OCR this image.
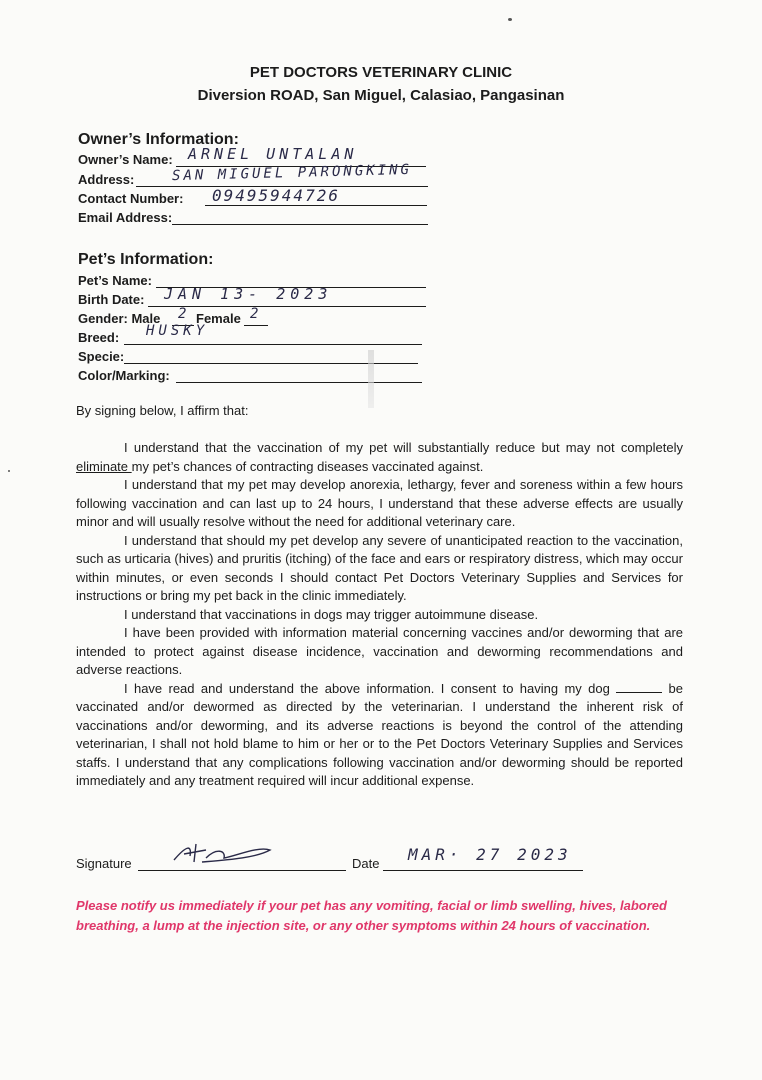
PET DOCTORS VETERINARY CLINIC
Diversion ROAD, San Miguel, Calasiao, Pangasinan
Owner’s Information:
Owner’s Name: ARNEL UNTALAN
Address:	SAN MIGUEL PARONGKING
Contact Number: 09495944726
Email Address:
Pet’s Information:
Pet’s Name:
Birth Date: JAN 13- 2023
Gender: Male 2 Female 2
Breed: HUSKY
Specie:
Color/Marking:
By signing below, I affirm that:

I understand that the vaccination of my pet will substantially reduce but may not completely eliminate my pet’s chances of contracting diseases vaccinated against.

I understand that my pet may develop anorexia, lethargy, fever and soreness within a few hours following vaccination and can last up to 24 hours, I understand that these adverse effects are usually minor and will usually resolve without the need for additional veterinary care.

I understand that should my pet develop any severe of unanticipated reaction to the vaccination, such as urticaria (hives) and pruritis (itching) of the face and ears or respiratory distress, which may occur within minutes, or even seconds I should contact Pet Doctors Veterinary Supplies and Services for instructions or bring my pet back in the clinic immediately.

I understand that vaccinations in dogs may trigger autoimmune disease.

I have been provided with information material concerning vaccines and/or deworming that are intended to protect against disease incidence, vaccination and deworming recommendations and adverse reactions.

I have read and understand the above information. I consent to having my dog	be vaccinated and/or dewormed as directed by the veterinarian. I understand the inherent risk of vaccinations and/or deworming, and its adverse reactions is beyond the control of the attending veterinarian, I shall not hold blame to him or her or to the Pet Doctors Veterinary Supplies and Services staffs. I understand that any complications following vaccination and/or deworming should be reported immediately and any treatment required will incur additional expense.

Signature	Date MAR· 27 2023
Please notify us immediately if your pet has any vomiting, facial or limb swelling, hives, labored breathing, a lump at the injection site, or any other symptoms within 24 hours of vaccination.
